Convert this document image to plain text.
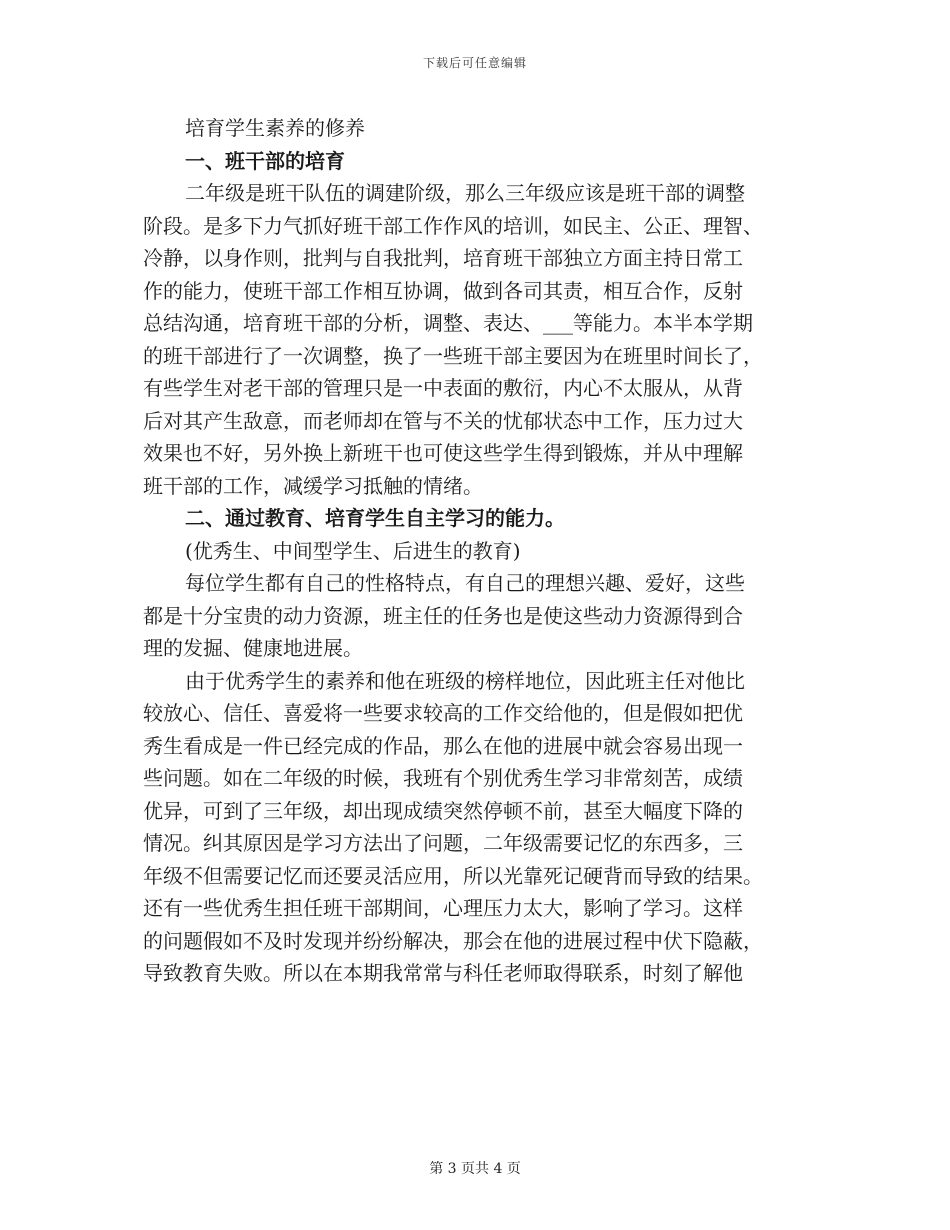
下载后可任意编辑
培育学生素养的修养
一、班干部的培育
二年级是班干队伍的调建阶级，那么三年级应该是班干部的调整
阶段。是多下力气抓好班干部工作作风的培训，如民主、公正、理智、
冷静，以身作则，批判与自我批判，培育班干部独立方面主持日常工
作的能力，使班干部工作相互协调，做到各司其责，相互合作，反射
总结沟通，培育班干部的分析，调整、表达、___等能力。本半本学期
的班干部进行了一次调整，换了一些班干部主要因为在班里时间长了，
有些学生对老干部的管理只是一中表面的敷衍，内心不太服从，从背
后对其产生敌意，而老师却在管与不关的忧郁状态中工作，压力过大
效果也不好，另外换上新班干也可使这些学生得到锻炼，并从中理解
班干部的工作，减缓学习抵触的情绪。
二、通过教育、培育学生自主学习的能力。
(优秀生、中间型学生、后进生的教育)
每位学生都有自己的性格特点，有自己的理想兴趣、爱好，这些
都是十分宝贵的动力资源，班主任的任务也是使这些动力资源得到合
理的发掘、健康地进展。
由于优秀学生的素养和他在班级的榜样地位，因此班主任对他比
较放心、信任、喜爱将一些要求较高的工作交给他的，但是假如把优
秀生看成是一件已经完成的作品，那么在他的进展中就会容易出现一
些问题。如在二年级的时候，我班有个别优秀生学习非常刻苦，成绩
优异，可到了三年级，却出现成绩突然停顿不前，甚至大幅度下降的
情况。纠其原因是学习方法出了问题，二年级需要记忆的东西多，三
年级不但需要记忆而还要灵活应用，所以光靠死记硬背而导致的结果。
还有一些优秀生担任班干部期间，心理压力太大，影响了学习。这样
的问题假如不及时发现并纷纷解决，那会在他的进展过程中伏下隐蔽，
导致教育失败。所以在本期我常常与科任老师取得联系，时刻了解他
第 3 页共 4 页
